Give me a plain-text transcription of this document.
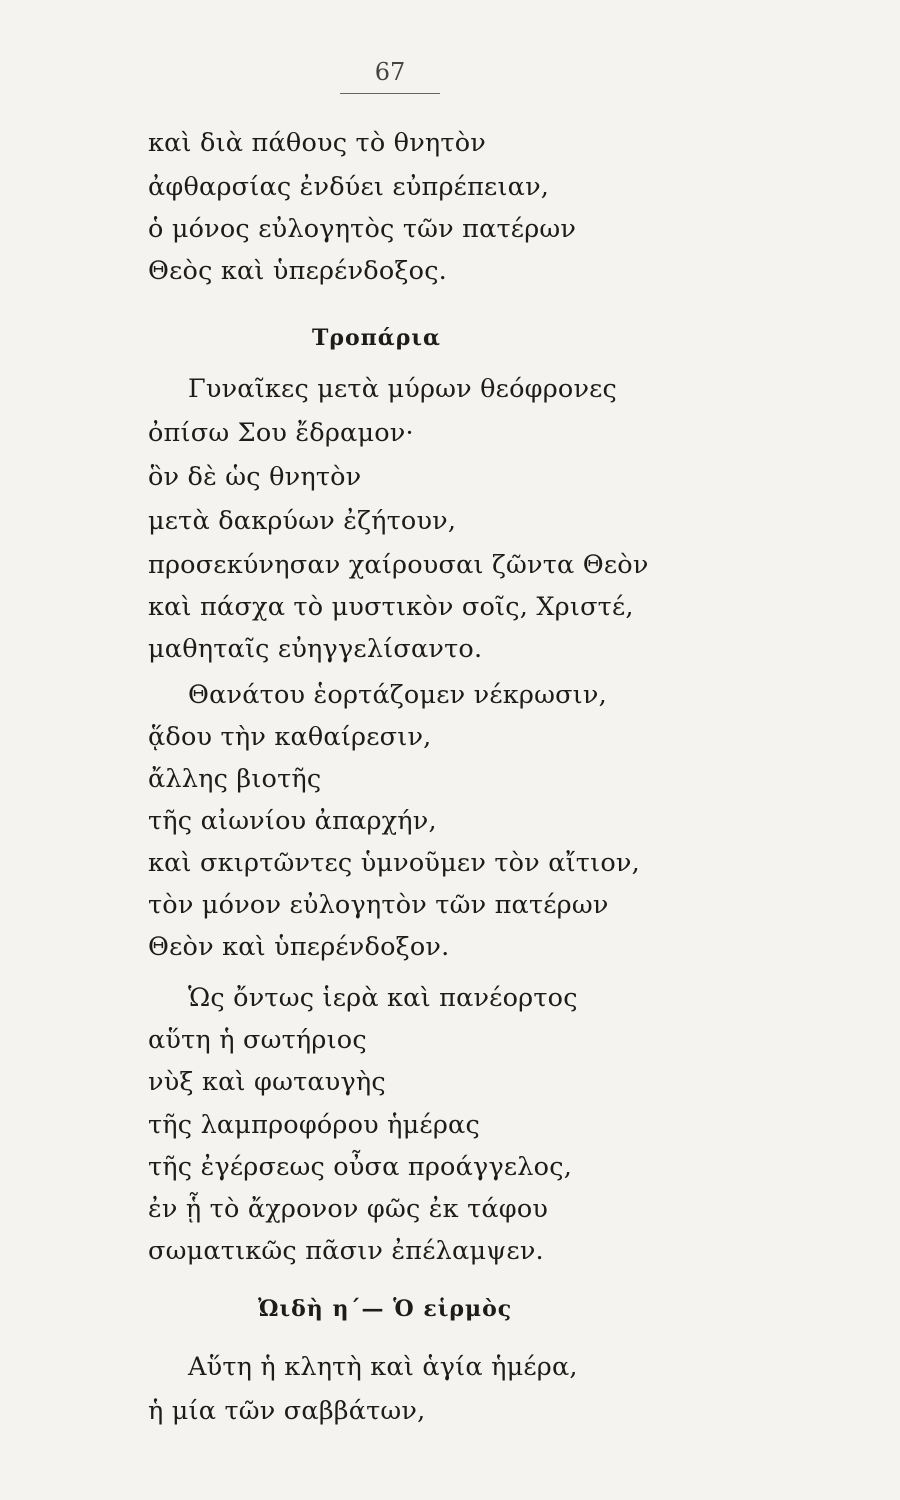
67
καὶ διὰ πάθους τὸ θνητὸν
ἀφθαρσίας ἐνδύει εὐπρέπειαν,
ὁ μόνος εὐλογητὸς τῶν πατέρων
Θεὸς καὶ ὑπερένδοξος.
Τροπάρια
Γυναῖκες μετὰ μύρων θεόφρονες
ὀπίσω Σου ἔδραμον·
ὃν δὲ ὡς θνητὸν
μετὰ δακρύων ἐζήτουν,
προσεκύνησαν χαίρουσαι ζῶντα Θεὸν
καὶ πάσχα τὸ μυστικὸν σοῖς, Χριστέ,
μαθηταῖς εὐηγγελίσαντο.
Θανάτου ἑορτάζομεν νέκρωσιν,
ᾅδου τὴν καθαίρεσιν,
ἄλλης βιοτῆς
τῆς αἰωνίου ἀπαρχήν,
καὶ σκιρτῶντες ὑμνοῦμεν τὸν αἴτιον,
τὸν μόνον εὐλογητὸν τῶν πατέρων
Θεὸν καὶ ὑπερένδοξον.
Ὡς ὄντως ἱερὰ καὶ πανέορτος
αὕτη ἡ σωτήριος
νὺξ καὶ φωταυγὴς
τῆς λαμπροφόρου ἡμέρας
τῆς ἐγέρσεως οὖσα προάγγελος,
ἐν ᾗ τὸ ἄχρονον φῶς ἐκ τάφου
σωματικῶς πᾶσιν ἐπέλαμψεν.
Ὠιδὴ η´— Ὁ εἱρμὸς
Αὕτη ἡ κλητὴ καὶ ἁγία ἡμέρα,
ἡ μία τῶν σαββάτων,
